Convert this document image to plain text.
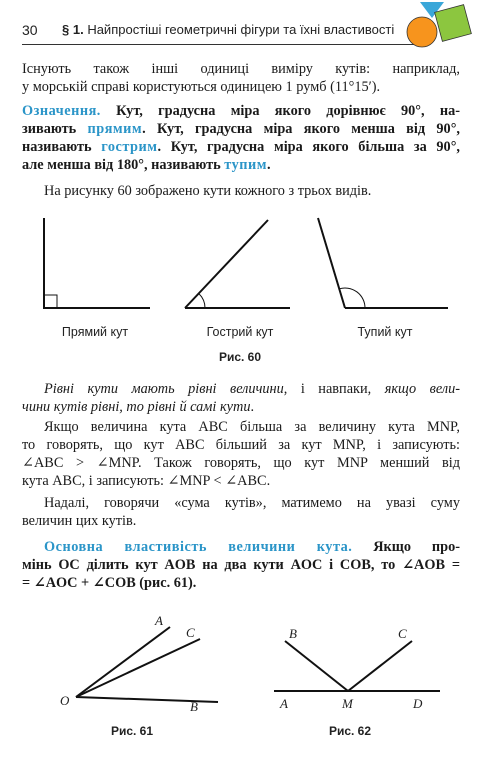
30 § 1. Найпростіші геометричні фігури та їхні властивості
Існують також інші одиниці виміру кутів: наприклад,
у морській справі користуються одиницею 1 румб (11°15′).
Означення. Кут, градусна міра якого дорівнює 90°, на-
зивають прямим. Кут, градусна міра якого менша від 90°,
називають гострим. Кут, градусна міра якого більша за 90°,
але менша від 180°, називають тупим.
На рисунку 60 зображено кути кожного з трьох видів.
Прямий кут	Гострий кут	Тупий кут
Рис. 60
Рівні кути мають рівні величини, і навпаки, якщо вели-
чини кутів рівні, то рівні й самі кути.
Якщо величина кута ABC більша за величину кута MNP,
то говорять, що кут ABC більший за кут MNP, і записують:
∠ABC > ∠MNP. Також говорять, що кут MNP менший від
кута ABC, і записують: ∠MNP < ∠ABC.
Надалі, говорячи «сума кутів», матимемо на увазі суму
величин цих кутів.
Основна властивість величини кута. Якщо про-
мінь OC ділить кут AOB на два кути AOC і COB, то ∠AOB =
= ∠AOC + ∠COB (рис. 61).
A
C
O	B
Рис. 61
B	C
A	M	D
Рис. 62
